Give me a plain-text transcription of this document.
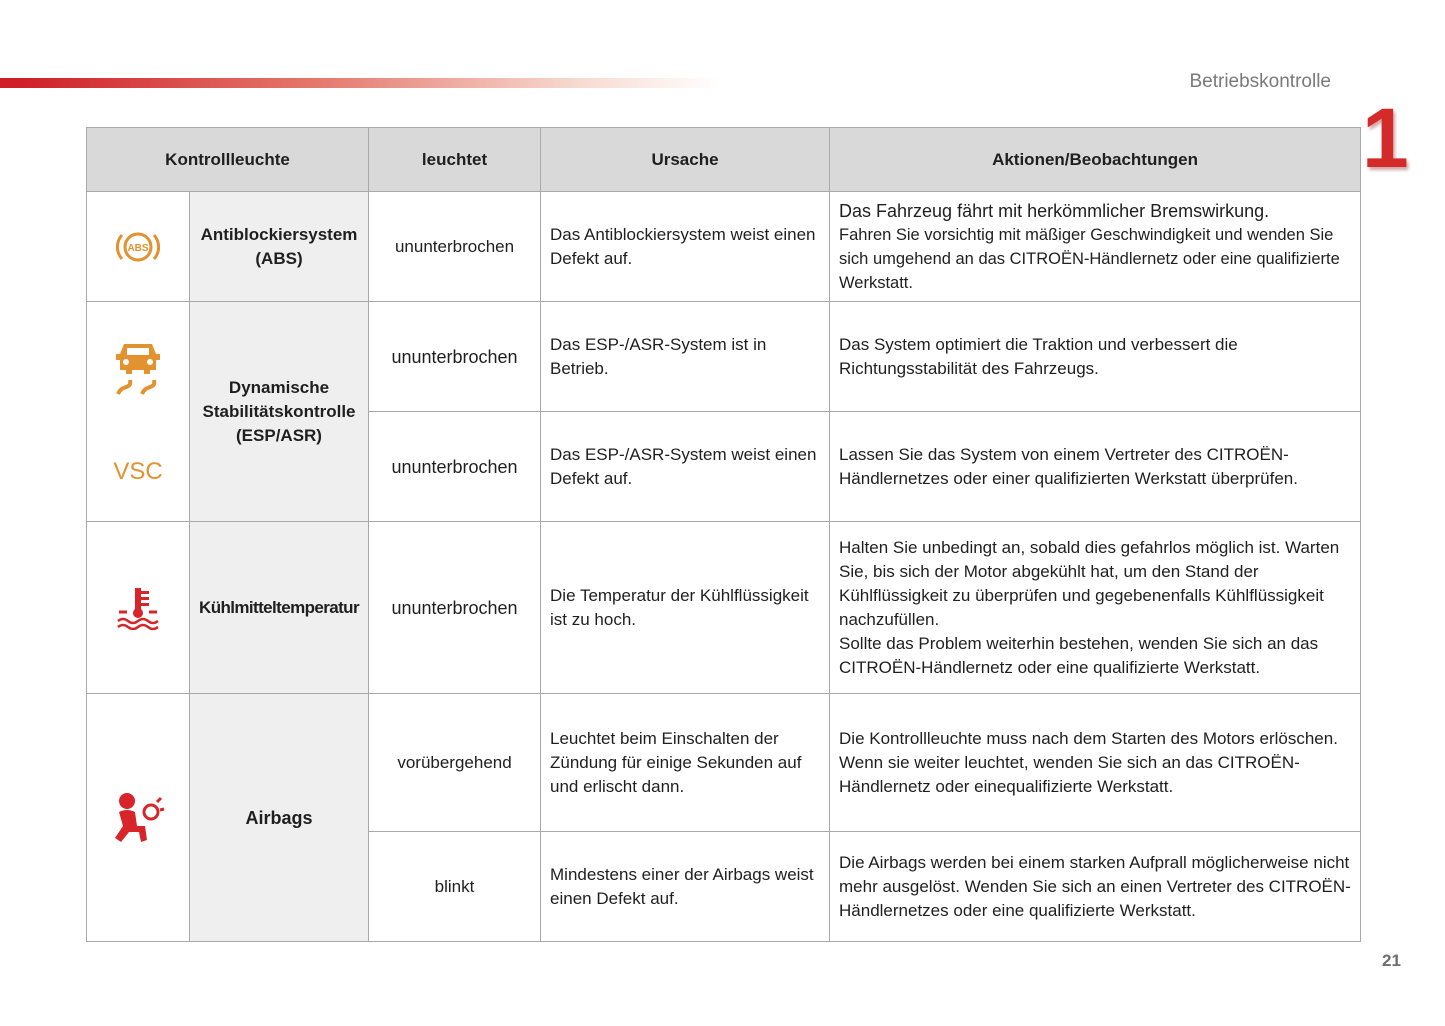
Betriebskontrolle
1
Kontrollleuchte		leuchtet	Ursache	Aktionen/Beobachtungen

ABS	Antiblockiersystem (ABS)	ununterbrochen	Das Antiblockiersystem weist einen Defekt auf.	Das Fahrzeug fährt mit herkömmlicher Bremswirkung.
Fahren Sie vorsichtig mit mäßiger Geschwindigkeit und wenden Sie sich umgehend an das CITROËN-Händlernetz oder eine qualifizierte Werkstatt.

VSC	Dynamische Stabilitätskontrolle (ESP/ASR)	ununterbrochen	Das ESP-/ASR-System ist in Betrieb.	Das System optimiert die Traktion und verbessert die Richtungsstabilität des Fahrzeugs.
		ununterbrochen	Das ESP-/ASR-System weist einen Defekt auf.	Lassen Sie das System von einem Vertreter des CITROËN-Händlernetzes oder einer qualifizierten Werkstatt überprüfen.

	Kühlmitteltemperatur	ununterbrochen	Die Temperatur der Kühlflüssigkeit ist zu hoch.	Halten Sie unbedingt an, sobald dies gefahrlos möglich ist. Warten Sie, bis sich der Motor abgekühlt hat, um den Stand der Kühlflüssigkeit zu überprüfen und gegebenenfalls Kühlflüssigkeit nachzufüllen.
Sollte das Problem weiterhin bestehen, wenden Sie sich an das CITROËN-Händlernetz oder eine qualifizierte Werkstatt.

	Airbags	vorübergehend	Leuchtet beim Einschalten der Zündung für einige Sekunden auf und erlischt dann.	Die Kontrollleuchte muss nach dem Starten des Motors erlöschen.
Wenn sie weiter leuchtet, wenden Sie sich an das CITROËN-Händlernetz oder einequalifizierte Werkstatt.

		blinkt	Mindestens einer der Airbags weist einen Defekt auf.	Die Airbags werden bei einem starken Aufprall möglicherweise nicht mehr ausgelöst. Wenden Sie sich an einen Vertreter des CITROËN-Händlernetzes oder eine qualifizierte Werkstatt.
21
